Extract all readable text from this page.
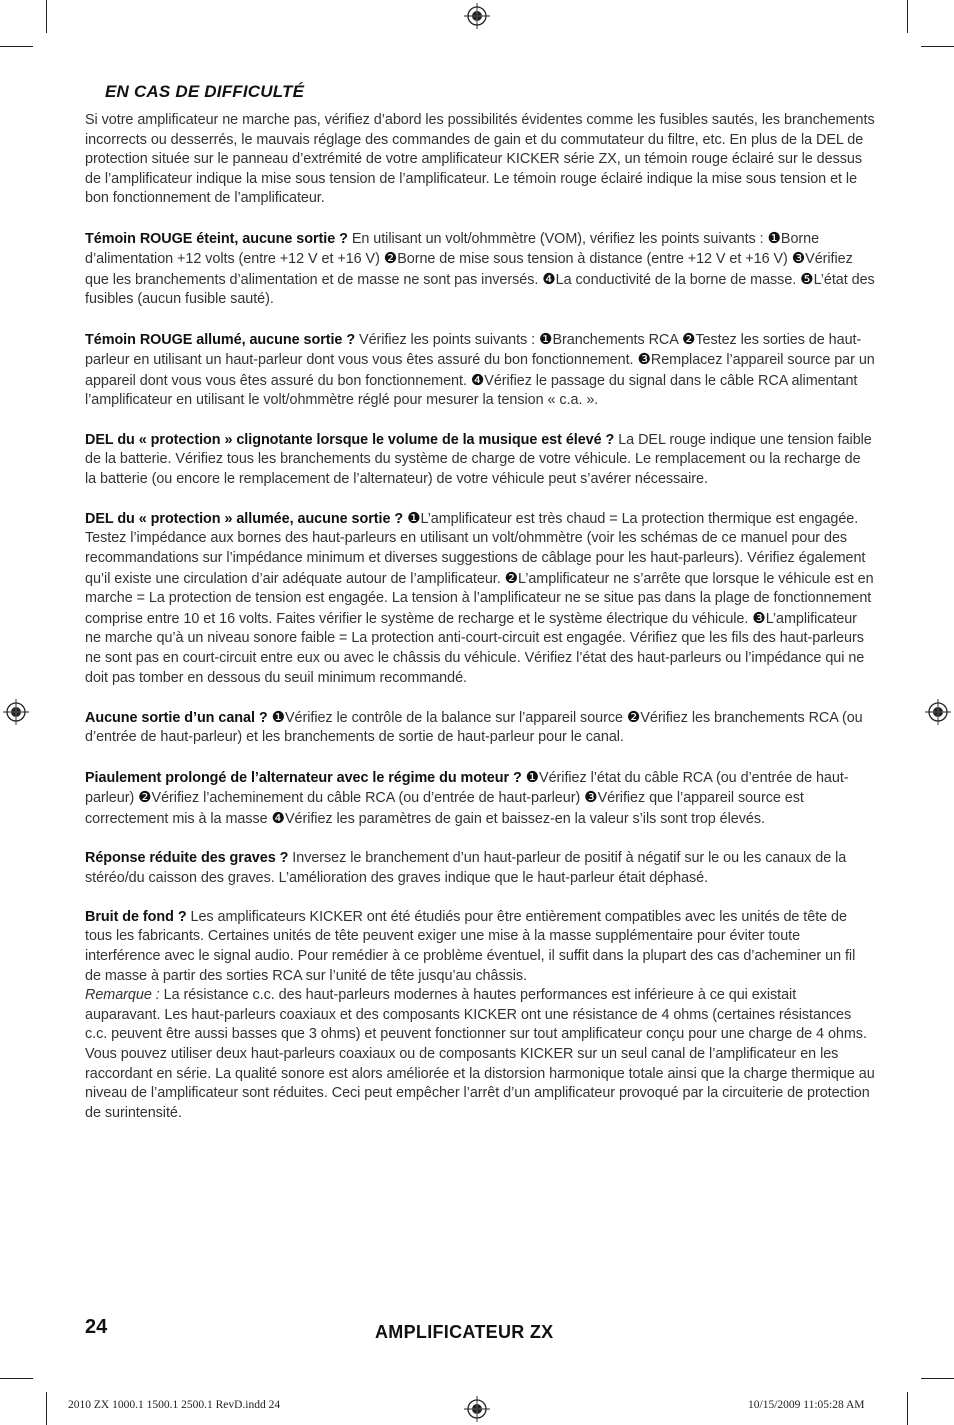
EN CAS DE DIFFICULTÉ

Si votre amplificateur ne marche pas, vérifiez d’abord les possibilités évidentes comme les fusibles sautés, les branchements incorrects ou desserrés, le mauvais réglage des commandes de gain et du commutateur du filtre, etc. En plus de la DEL de protection située sur le panneau d’extrémité de votre amplificateur KICKER série ZX, un témoin rouge éclairé sur le dessus de l’amplificateur indique la mise sous tension de l’amplificateur. Le témoin rouge éclairé indique la mise sous tension et le bon fonctionnement de l’amplificateur.

Témoin ROUGE éteint, aucune sortie ? En utilisant un volt/ohmmètre (VOM), vérifiez les points suivants : ❶Borne d’alimentation +12 volts (entre +12 V et +16 V) ❷Borne de mise sous tension à distance (entre +12 V et +16 V) ❸Vérifiez que les branchements d’alimentation et de masse ne sont pas inversés. ❹La conductivité de la borne de masse. ❺L’état des fusibles (aucun fusible sauté).

Témoin ROUGE allumé, aucune sortie ? Vérifiez les points suivants : ❶Branchements RCA ❷Testez les sorties de haut-parleur en utilisant un haut-parleur dont vous vous êtes assuré du bon fonctionnement. ❸Remplacez l’appareil source par un appareil dont vous vous êtes assuré du bon fonctionnement. ❹Vérifiez le passage du signal dans le câble RCA alimentant l’amplificateur en utilisant le volt/ohmmètre réglé pour mesurer la tension « c.a. ».

DEL du « protection » clignotante lorsque le volume de la musique est élevé ? La DEL rouge indique une tension faible de la batterie. Vérifiez tous les branchements du système de charge de votre véhicule. Le remplacement ou la recharge de la batterie (ou encore le remplacement de l’alternateur) de votre véhicule peut s’avérer nécessaire.

DEL du « protection » allumée, aucune sortie ? ❶L’amplificateur est très chaud = La protection thermique est engagée. Testez l’impédance aux bornes des haut-parleurs en utilisant un volt/ohmmètre (voir les schémas de ce manuel pour des recommandations sur l’impédance minimum et diverses suggestions de câblage pour les haut-parleurs). Vérifiez également qu’il existe une circulation d’air adéquate autour de l’amplificateur. ❷L’amplificateur ne s’arrête que lorsque le véhicule est en marche = La protection de tension est engagée. La tension à l’amplificateur ne se situe pas dans la plage de fonctionnement comprise entre 10 et 16 volts. Faites vérifier le système de recharge et le système électrique du véhicule. ❸L’amplificateur ne marche qu’à un niveau sonore faible = La protection anti-court-circuit est engagée. Vérifiez que les fils des haut-parleurs ne sont pas en court-circuit entre eux ou avec le châssis du véhicule. Vérifiez l’état des haut-parleurs ou l’impédance qui ne doit pas tomber en dessous du seuil minimum recommandé.

Aucune sortie d’un canal ? ❶Vérifiez le contrôle de la balance sur l’appareil source ❷Vérifiez les branchements RCA (ou d’entrée de haut-parleur) et les branchements de sortie de haut-parleur pour le canal.

Piaulement prolongé de l’alternateur avec le régime du moteur ? ❶Vérifiez l’état du câble RCA (ou d’entrée de haut-parleur) ❷Vérifiez l’acheminement du câble RCA (ou d’entrée de haut-parleur) ❸Vérifiez que l’appareil source est correctement mis à la masse ❹Vérifiez les paramètres de gain et baissez-en la valeur s’ils sont trop élevés.

Réponse réduite des graves ? Inversez le branchement d’un haut-parleur de positif à négatif sur le ou les canaux de la stéréo/du caisson des graves. L’amélioration des graves indique que le haut-parleur était déphasé.

Bruit de fond ? Les amplificateurs KICKER ont été étudiés pour être entièrement compatibles avec les unités de tête de tous les fabricants. Certaines unités de tête peuvent exiger une mise à la masse supplémentaire pour éviter toute interférence avec le signal audio. Pour remédier à ce problème éventuel, il suffit dans la plupart des cas d’acheminer un fil de masse à partir des sorties RCA sur l’unité de tête jusqu’au châssis.
Remarque : La résistance c.c. des haut-parleurs modernes à hautes performances est inférieure à ce qui existait auparavant. Les haut-parleurs coaxiaux et des composants KICKER ont une résistance de 4 ohms (certaines résistances c.c. peuvent être aussi basses que 3 ohms) et peuvent fonctionner sur tout amplificateur conçu pour une charge de 4 ohms. Vous pouvez utiliser deux haut-parleurs coaxiaux ou de composants KICKER sur un seul canal de l’amplificateur en les raccordant en série. La qualité sonore est alors améliorée et la distorsion harmonique totale ainsi que la charge thermique au niveau de l’amplificateur sont réduites. Ceci peut empêcher l’arrêt d’un amplificateur provoqué par la circuiterie de protection de surintensité.

24	AMPLIFICATEUR ZX
2010 ZX 1000.1 1500.1 2500.1 RevD.indd 24	10/15/2009 11:05:28 AM
